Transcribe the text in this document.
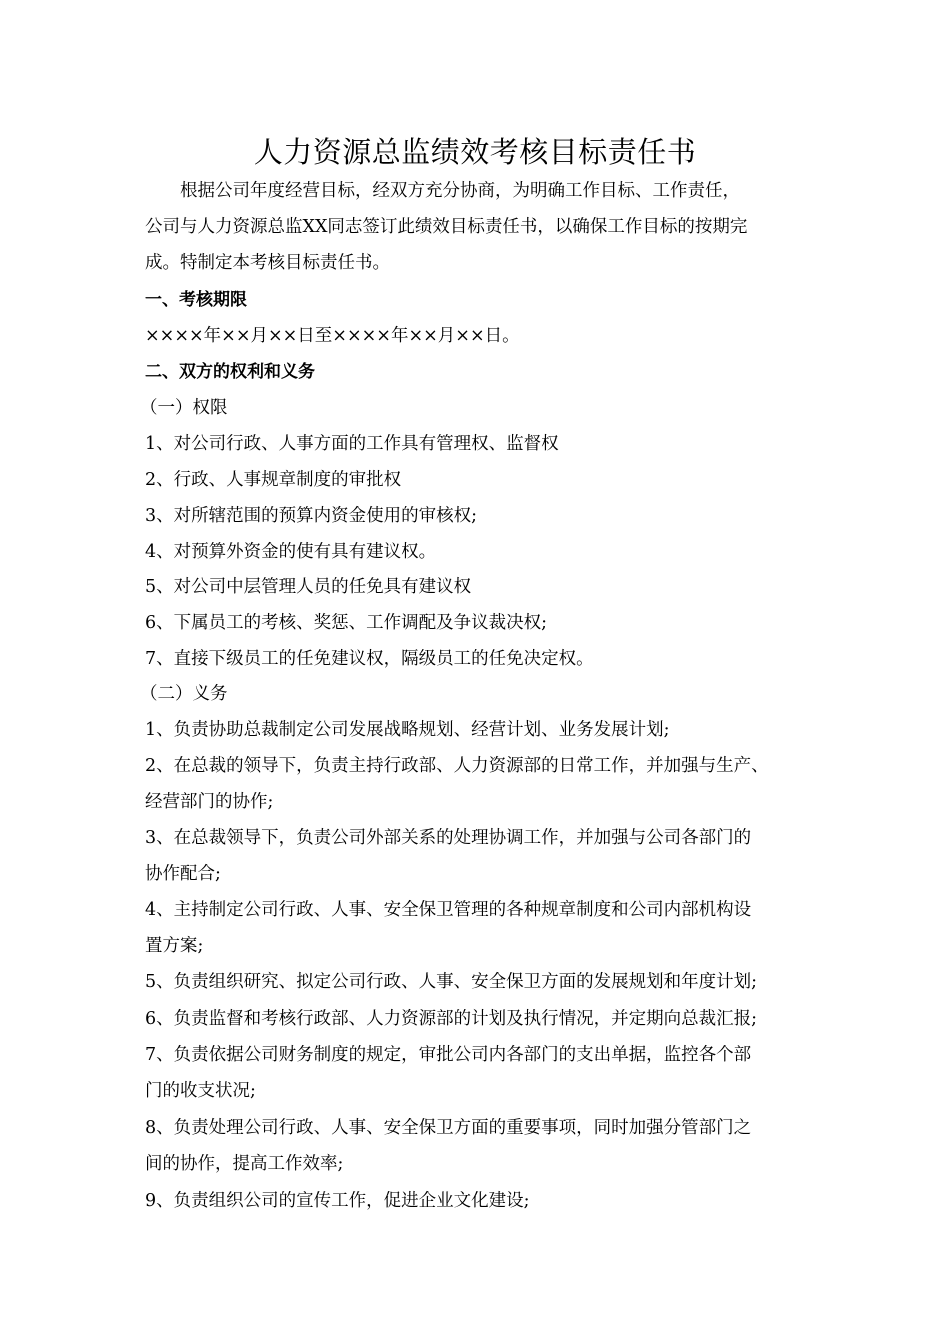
人力资源总监绩效考核目标责任书
根据公司年度经营目标，经双方充分协商，为明确工作目标、工作责任，
公司与人力资源总监XX同志签订此绩效目标责任书，以确保工作目标的按期完
成。特制定本考核目标责任书。
一、考核期限
××××年××月××日至××××年××月××日。
二、双方的权利和义务
（一）权限
1、对公司行政、人事方面的工作具有管理权、监督权
2、行政、人事规章制度的审批权
3、对所辖范围的预算内资金使用的审核权;
4、对预算外资金的使有具有建议权。
5、对公司中层管理人员的任免具有建议权
6、下属员工的考核、奖惩、工作调配及争议裁决权;
7、直接下级员工的任免建议权，隔级员工的任免决定权。
（二）义务
1、负责协助总裁制定公司发展战略规划、经营计划、业务发展计划;
2、在总裁的领导下，负责主持行政部、人力资源部的日常工作，并加强与生产、
经营部门的协作;
3、在总裁领导下，负责公司外部关系的处理协调工作，并加强与公司各部门的
协作配合;
4、主持制定公司行政、人事、安全保卫管理的各种规章制度和公司内部机构设
置方案;
5、负责组织研究、拟定公司行政、人事、安全保卫方面的发展规划和年度计划;
6、负责监督和考核行政部、人力资源部的计划及执行情况，并定期向总裁汇报;
7、负责依据公司财务制度的规定，审批公司内各部门的支出单据，监控各个部
门的收支状况;
8、负责处理公司行政、人事、安全保卫方面的重要事项，同时加强分管部门之
间的协作，提高工作效率;
9、负责组织公司的宣传工作，促进企业文化建设;
